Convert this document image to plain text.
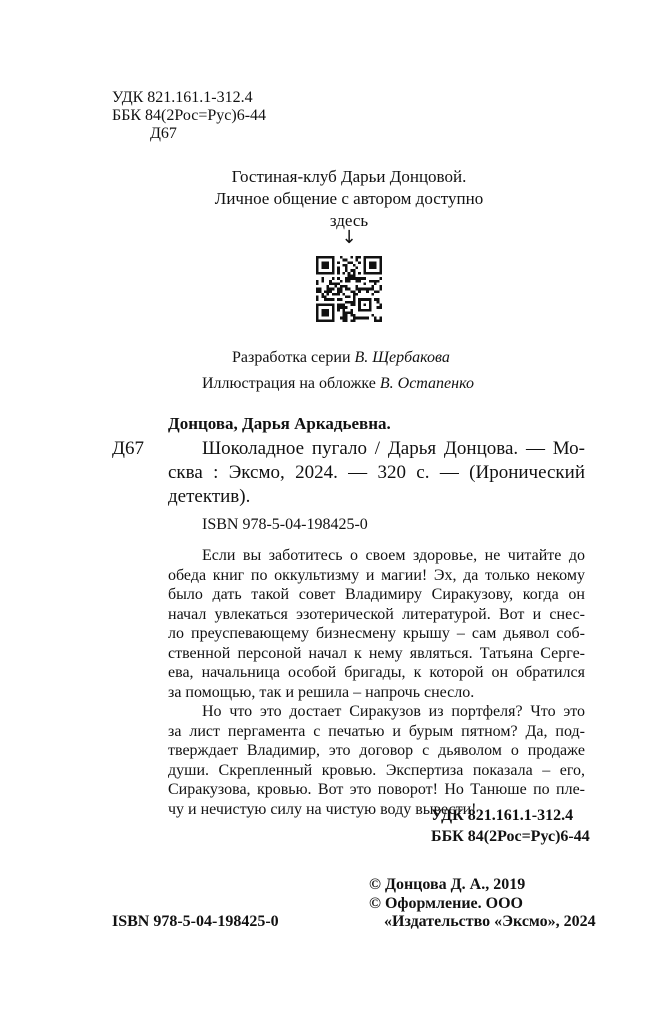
УДК 821.161.1-312.4
ББК 84(2Рос=Рус)6-44
Д67
Гостиная-клуб Дарьи Донцовой.
Личное общение с автором доступно
здесь
↓
Разработка серии В. Щербакова
Иллюстрация на обложке В. Остапенко
Донцова, Дарья Аркадьевна.
Д67	Шоколадное пугало / Дарья Донцова. — Мо-
сква : Эксмо, 2024. — 320 с. — (Иронический
детектив).
ISBN 978-5-04-198425-0
Если вы заботитесь о своем здоровье, не читайте до
обеда книг по оккультизму и магии! Эх, да только некому
было дать такой совет Владимиру Сиракузову, когда он
начал увлекаться эзотерической литературой. Вот и снес-
ло преуспевающему бизнесмену крышу – сам дьявол соб-
ственной персоной начал к нему являться. Татьяна Серге-
ева, начальница особой бригады, к которой он обратился
за помощью, так и решила – напрочь снесло.
Но что это достает Сиракузов из портфеля? Что это
за лист пергамента с печатью и бурым пятном? Да, под-
тверждает Владимир, это договор с дьяволом о продаже
души. Скрепленный кровью. Экспертиза показала – его,
Сиракузова, кровью. Вот это поворот! Но Танюше по пле-
чу и нечистую силу на чистую воду вывести!
УДК 821.161.1-312.4
ББК 84(2Рос=Рус)6-44
ISBN 978-5-04-198425-0
© Донцова Д. А., 2019
© Оформление. ООО
«Издательство «Эксмо», 2024
